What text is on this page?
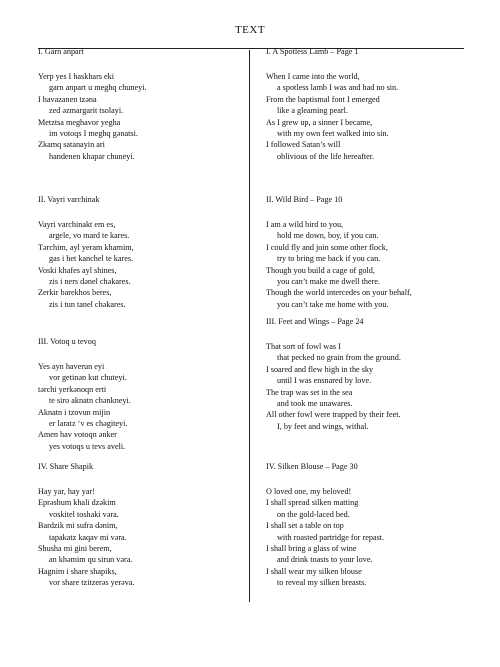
TEXT
I. Garn anpart
Yerp yes I haskhars eki
garn anpart u meghq chuneyi.
I havazanen tzəna
zed əzmargarit tsolayi.
Metztsa meghavor yegha
im votoqs I meghq gənatsi.
Zkamq satanayin ari
handenen khapar chuneyi.
II. Vayri varchinak
Vayri varchinakt em es,
argele, vo mard te kares.
Tərchim, ayl yeram kharnim,
gas i het kanchel te kares.
Voski khafes ayl shines,
zis i ners dənel chəkares.
Zerkir barekhos beres,
zis i tun tanel chəkares.
III. Votoq u tevoq
Yes ayn haverun eyi
vor getinən kut chuteyi.
tərchi yerkənoqn erti
te siro aknatn chənkneyi.
Aknatn i tzovun mijin
er laratz ‘v es chəgiteyi.
Amen hav votoqn ənker
yes votoqs u tevs aveli.
IV. Share Shapik
Hay yar, hay yar!
Eprəshum khali dzəkim
voskitel toshaki vəra.
Bardzik mi sufra dənim,
tapakatz kaqav mi vəra.
Shusha mi gini berem,
an khəmim qu sirun vəra.
Hagnim i share shapiks,
vor share tzitzerəs yerəva.
I. A Spotless Lamb – Page 1
When I came into the world,
a spotless lamb I was and had no sin.
From the baptismal font I emerged
like a gleaming pearl.
As I grew up, a sinner I became,
with my own feet walked into sin.
I followed Satan’s will
oblivious of the life hereafter.
II. Wild Bird – Page 10
I am a wild bird to you,
hold me down, boy, if you can.
I could fly and join some other flock,
try to bring me back if you can.
Though you build a cage of gold,
you can’t make me dwell there.
Though the world intercedes on your behalf,
you can’t take me home with you.
III. Feet and Wings – Page 24
That sort of fowl was I
that pecked no grain from the ground.
I soared and flew high in the sky
until I was ensnared by love.
The trap was set in the sea
and took me unawares.
All other fowl were trapped by their feet.
I, by feet and wings, withal.
IV. Silken Blouse – Page 30
O loved one, my beloved!
I shall spread silken matting
on the gold-laced bed.
I shall set a table on top
with roasted partridge for repast.
I shall bring a glass of wine
and drink toasts to your love.
I shall wear my silken blouse
to reveal my silken breasts.
